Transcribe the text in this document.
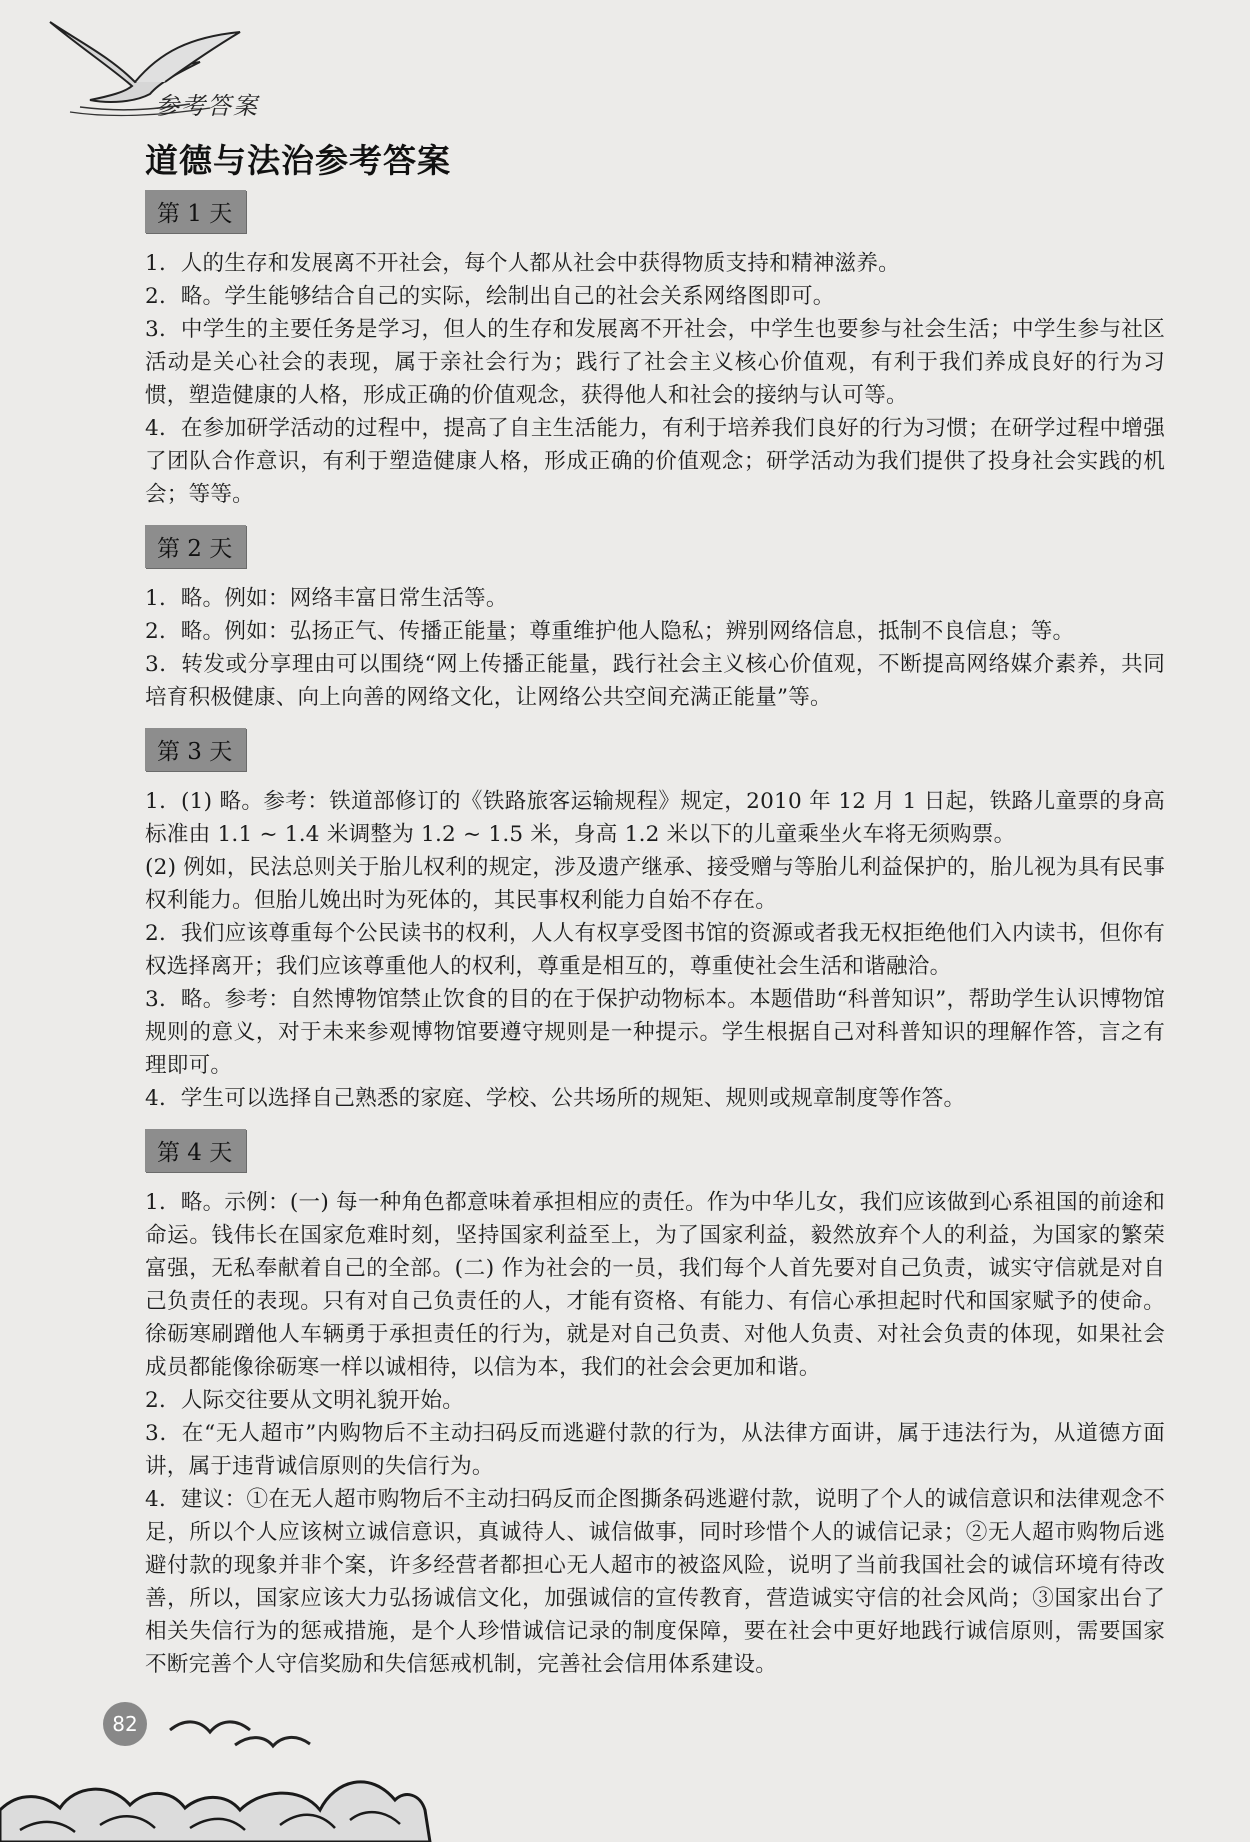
参考答案
道德与法治参考答案
第 1 天

1．人的生存和发展离不开社会，每个人都从社会中获得物质支持和精神滋养。

2．略。学生能够结合自己的实际，绘制出自己的社会关系网络图即可。

3．中学生的主要任务是学习，但人的生存和发展离不开社会，中学生也要参与社会生活；中学生参与社区活动是关心社会的表现，属于亲社会行为；践行了社会主义核心价值观，有利于我们养成良好的行为习惯，塑造健康的人格，形成正确的价值观念，获得他人和社会的接纳与认可等。

4．在参加研学活动的过程中，提高了自主生活能力，有利于培养我们良好的行为习惯；在研学过程中增强了团队合作意识，有利于塑造健康人格，形成正确的价值观念；研学活动为我们提供了投身社会实践的机会；等等。

第 2 天

1．略。例如：网络丰富日常生活等。

2．略。例如：弘扬正气、传播正能量；尊重维护他人隐私；辨别网络信息，抵制不良信息；等。

3．转发或分享理由可以围绕“网上传播正能量，践行社会主义核心价值观，不断提高网络媒介素养，共同培育积极健康、向上向善的网络文化，让网络公共空间充满正能量”等。

第 3 天

1．(1) 略。参考：铁道部修订的《铁路旅客运输规程》规定，2010 年 12 月 1 日起，铁路儿童票的身高标准由 1.1 ~ 1.4 米调整为 1.2 ~ 1.5 米，身高 1.2 米以下的儿童乘坐火车将无须购票。

(2) 例如，民法总则关于胎儿权利的规定，涉及遗产继承、接受赠与等胎儿利益保护的，胎儿视为具有民事权利能力。但胎儿娩出时为死体的，其民事权利能力自始不存在。

2．我们应该尊重每个公民读书的权利，人人有权享受图书馆的资源或者我无权拒绝他们入内读书，但你有权选择离开；我们应该尊重他人的权利，尊重是相互的，尊重使社会生活和谐融洽。

3．略。参考：自然博物馆禁止饮食的目的在于保护动物标本。本题借助“科普知识”，帮助学生认识博物馆规则的意义，对于未来参观博物馆要遵守规则是一种提示。学生根据自己对科普知识的理解作答，言之有理即可。

4．学生可以选择自己熟悉的家庭、学校、公共场所的规矩、规则或规章制度等作答。

第 4 天

1．略。示例：(一) 每一种角色都意味着承担相应的责任。作为中华儿女，我们应该做到心系祖国的前途和命运。钱伟长在国家危难时刻，坚持国家利益至上，为了国家利益，毅然放弃个人的利益，为国家的繁荣富强，无私奉献着自己的全部。(二) 作为社会的一员，我们每个人首先要对自己负责，诚实守信就是对自己负责任的表现。只有对自己负责任的人，才能有资格、有能力、有信心承担起时代和国家赋予的使命。徐砺寒刷蹭他人车辆勇于承担责任的行为，就是对自己负责、对他人负责、对社会负责的体现，如果社会成员都能像徐砺寒一样以诚相待，以信为本，我们的社会会更加和谐。

2．人际交往要从文明礼貌开始。

3．在“无人超市”内购物后不主动扫码反而逃避付款的行为，从法律方面讲，属于违法行为，从道德方面讲，属于违背诚信原则的失信行为。

4．建议：①在无人超市购物后不主动扫码反而企图撕条码逃避付款，说明了个人的诚信意识和法律观念不足，所以个人应该树立诚信意识，真诚待人、诚信做事，同时珍惜个人的诚信记录；②无人超市购物后逃避付款的现象并非个案，许多经营者都担心无人超市的被盗风险，说明了当前我国社会的诚信环境有待改善，所以，国家应该大力弘扬诚信文化，加强诚信的宣传教育，营造诚实守信的社会风尚；③国家出台了相关失信行为的惩戒措施，是个人珍惜诚信记录的制度保障，要在社会中更好地践行诚信原则，需要国家不断完善个人守信奖励和失信惩戒机制，完善社会信用体系建设。

82
